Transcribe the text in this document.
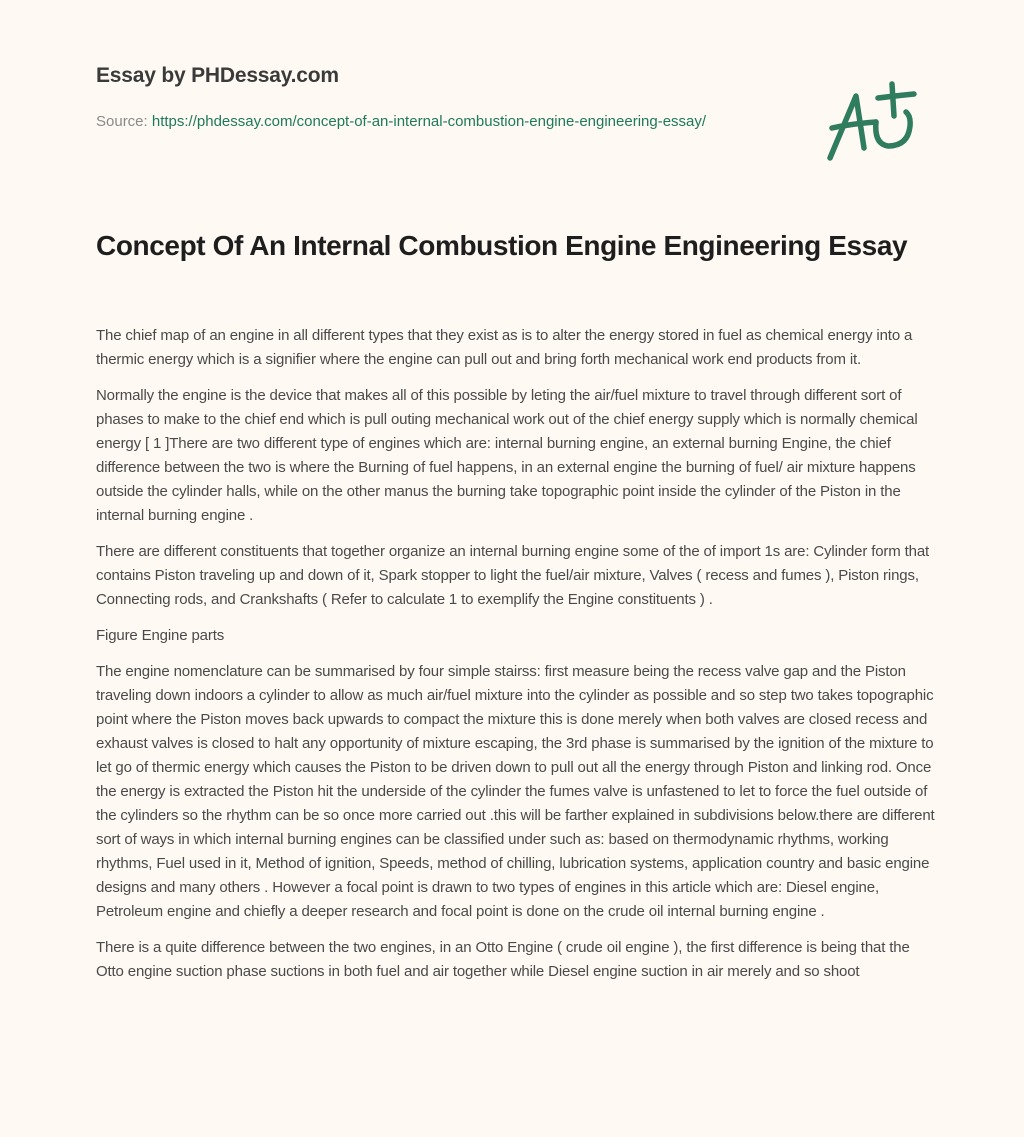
Essay by PHDessay.com
Source: https://phdessay.com/concept-of-an-internal-combustion-engine-engineering-essay/
Concept Of An Internal Combustion Engine Engineering Essay

The chief map of an engine in all different types that they exist as is to alter the energy stored in fuel as chemical energy into a thermic energy which is a signifier where the engine can pull out and bring forth mechanical work end products from it.

Normally the engine is the device that makes all of this possible by leting the air/fuel mixture to travel through different sort of phases to make to the chief end which is pull outing mechanical work out of the chief energy supply which is normally chemical energy [ 1 ]There are two different type of engines which are: internal burning engine, an external burning Engine, the chief difference between the two is where the Burning of fuel happens, in an external engine the burning of fuel/ air mixture happens outside the cylinder halls, while on the other manus the burning take topographic point inside the cylinder of the Piston in the internal burning engine .

There are different constituents that together organize an internal burning engine some of the of import 1s are: Cylinder form that contains Piston traveling up and down of it, Spark stopper to light the fuel/air mixture, Valves ( recess and fumes ), Piston rings, Connecting rods, and Crankshafts ( Refer to calculate 1 to exemplify the Engine constituents ) .

Figure Engine parts

The engine nomenclature can be summarised by four simple stairss: first measure being the recess valve gap and the Piston traveling down indoors a cylinder to allow as much air/fuel mixture into the cylinder as possible and so step two takes topographic point where the Piston moves back upwards to compact the mixture this is done merely when both valves are closed recess and exhaust valves is closed to halt any opportunity of mixture escaping, the 3rd phase is summarised by the ignition of the mixture to let go of thermic energy which causes the Piston to be driven down to pull out all the energy through Piston and linking rod. Once the energy is extracted the Piston hit the underside of the cylinder the fumes valve is unfastened to let to force the fuel outside of the cylinders so the rhythm can be so once more carried out .this will be farther explained in subdivisions below.there are different sort of ways in which internal burning engines can be classified under such as: based on thermodynamic rhythms, working rhythms, Fuel used in it, Method of ignition, Speeds, method of chilling, lubrication systems, application country and basic engine designs and many others . However a focal point is drawn to two types of engines in this article which are: Diesel engine, Petroleum engine and chiefly a deeper research and focal point is done on the crude oil internal burning engine .

There is a quite difference between the two engines, in an Otto Engine ( crude oil engine ), the first difference is being that the Otto engine suction phase suctions in both fuel and air together while Diesel engine suction in air merely and so shoot
